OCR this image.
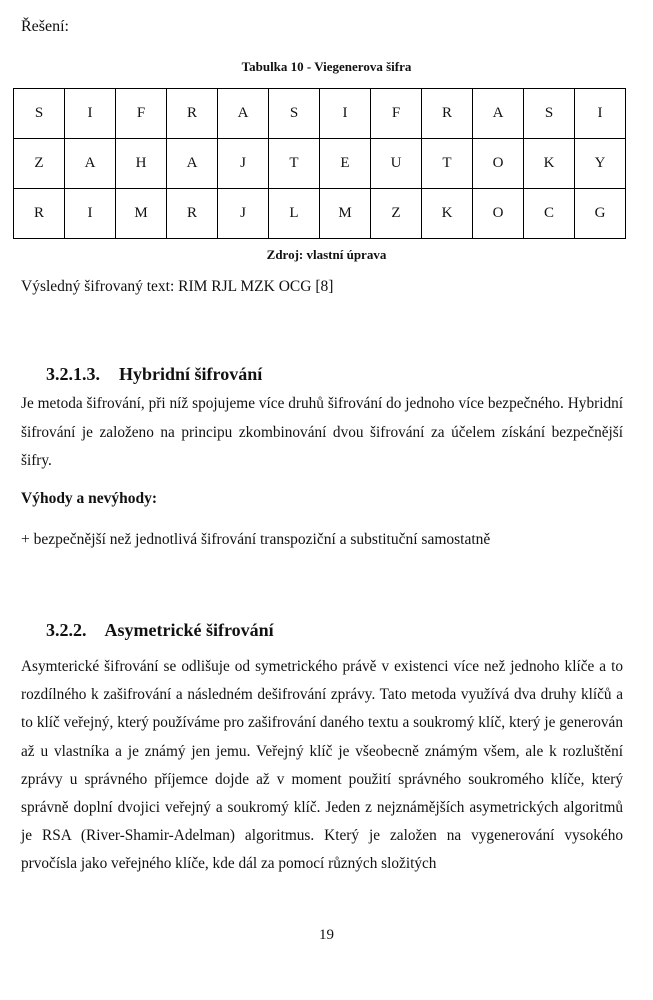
Řešení:
Tabulka 10 - Viegenerova šifra
S	I	F	R	A	S	I	F	R	A	S	I
Z	A	H	A	J	T	E	U	T	O	K	Y
R	I	M	R	J	L	M	Z	K	O	C	G
Zdroj: vlastní úprava
Výsledný šifrovaný text: RIM RJL MZK OCG [8]
3.2.1.3. Hybridní šifrování
Je metoda šifrování, při níž spojujeme více druhů šifrování do jednoho více bezpečného. Hybridní šifrování je založeno na principu zkombinování dvou šifrování za účelem získání bezpečnější šifry.
Výhody a nevýhody:
+ bezpečnější než jednotlivá šifrování transpoziční a substituční samostatně
3.2.2. Asymetrické šifrování
Asymterické šifrování se odlišuje od symetrického právě v existenci více než jednoho klíče a to rozdílného k zašifrování a následném dešifrování zprávy. Tato metoda využívá dva druhy klíčů a to klíč veřejný, který používáme pro zašifrování daného textu a soukromý klíč, který je generován až u vlastníka a je známý jen jemu. Veřejný klíč je všeobecně známým všem, ale k rozluštění zprávy u správného příjemce dojde až v moment použití správného soukromého klíče, který správně doplní dvojici veřejný a soukromý klíč. Jeden z nejznámějších asymetrických algoritmů je RSA (River-Shamir-Adelman) algoritmus. Který je založen na vygenerování vysokého prvočísla jako veřejného klíče, kde dál za pomocí různých složitých
19
